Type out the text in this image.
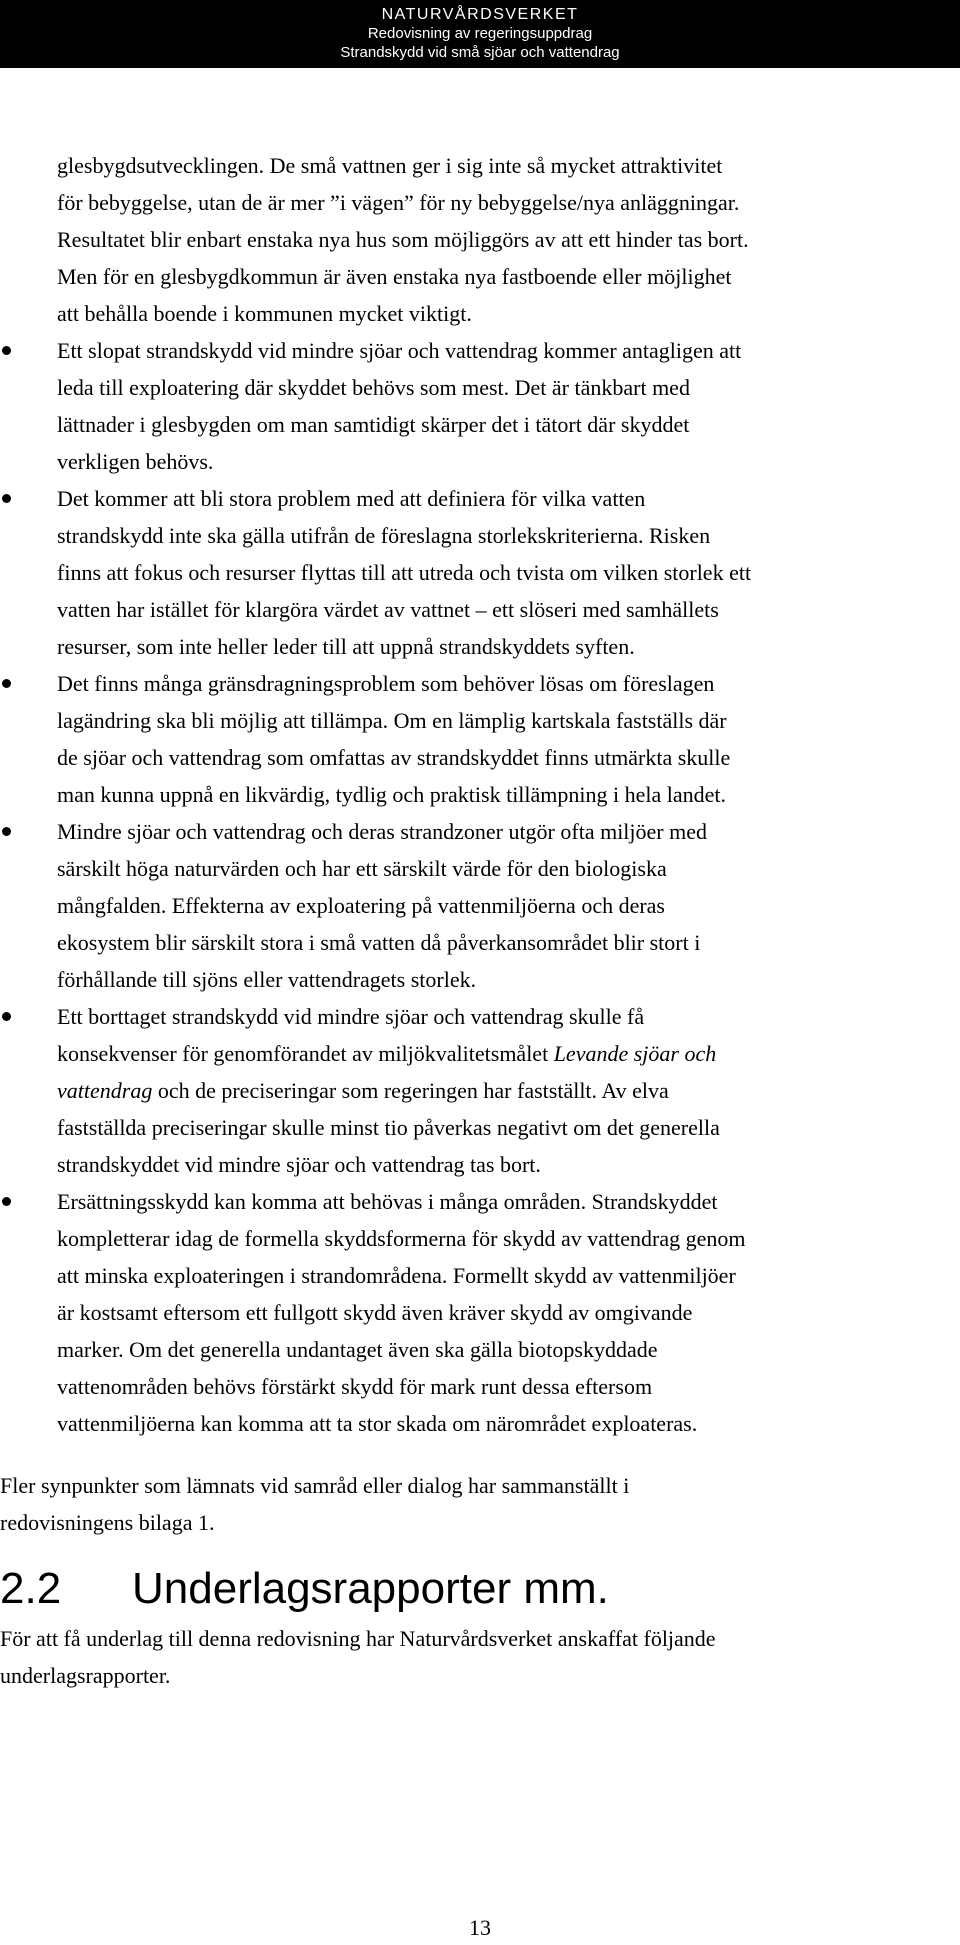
NATURVÅRDSVERKET
Redovisning av regeringsuppdrag
Strandskydd vid små sjöar och vattendrag
glesbygdsutvecklingen. De små vattnen ger i sig inte så mycket attraktivitet
för bebyggelse, utan de är mer ”i vägen” för ny bebyggelse/nya anläggningar.
Resultatet blir enbart enstaka nya hus som möjliggörs av att ett hinder tas bort.
Men för en glesbygdkommun är även enstaka nya fastboende eller möjlighet
att behålla boende i kommunen mycket viktigt.
Ett slopat strandskydd vid mindre sjöar och vattendrag kommer antagligen att
leda till exploatering där skyddet behövs som mest. Det är tänkbart med
lättnader i glesbygden om man samtidigt skärper det i tätort där skyddet
verkligen behövs.
Det kommer att bli stora problem med att definiera för vilka vatten
strandskydd inte ska gälla utifrån de föreslagna storlekskriterierna. Risken
finns att fokus och resurser flyttas till att utreda och tvista om vilken storlek ett
vatten har istället för klargöra värdet av vattnet – ett slöseri med samhällets
resurser, som inte heller leder till att uppnå strandskyddets syften.
Det finns många gränsdragningsproblem som behöver lösas om föreslagen
lagändring ska bli möjlig att tillämpa. Om en lämplig kartskala fastställs där
de sjöar och vattendrag som omfattas av strandskyddet finns utmärkta skulle
man kunna uppnå en likvärdig, tydlig och praktisk tillämpning i hela landet.
Mindre sjöar och vattendrag och deras strandzoner utgör ofta miljöer med
särskilt höga naturvärden och har ett särskilt värde för den biologiska
mångfalden. Effekterna av exploatering på vattenmiljöerna och deras
ekosystem blir särskilt stora i små vatten då påverkansområdet blir stort i
förhållande till sjöns eller vattendragets storlek.
Ett borttaget strandskydd vid mindre sjöar och vattendrag skulle få
konsekvenser för genomförandet av miljökvalitetsmålet Levande sjöar och
vattendrag och de preciseringar som regeringen har fastställt. Av elva
fastställda preciseringar skulle minst tio påverkas negativt om det generella
strandskyddet vid mindre sjöar och vattendrag tas bort.
Ersättningsskydd kan komma att behövas i många områden. Strandskyddet
kompletterar idag de formella skyddsformerna för skydd av vattendrag genom
att minska exploateringen i strandområdena. Formellt skydd av vattenmiljöer
är kostsamt eftersom ett fullgott skydd även kräver skydd av omgivande
marker. Om det generella undantaget även ska gälla biotopskyddade
vattenområden behövs förstärkt skydd för mark runt dessa eftersom
vattenmiljöerna kan komma att ta stor skada om närområdet exploateras.
Fler synpunkter som lämnats vid samråd eller dialog har sammanställt i
redovisningens bilaga 1.
2.2 Underlagsrapporter mm.
För att få underlag till denna redovisning har Naturvårdsverket anskaffat följande
underlagsrapporter.
13
